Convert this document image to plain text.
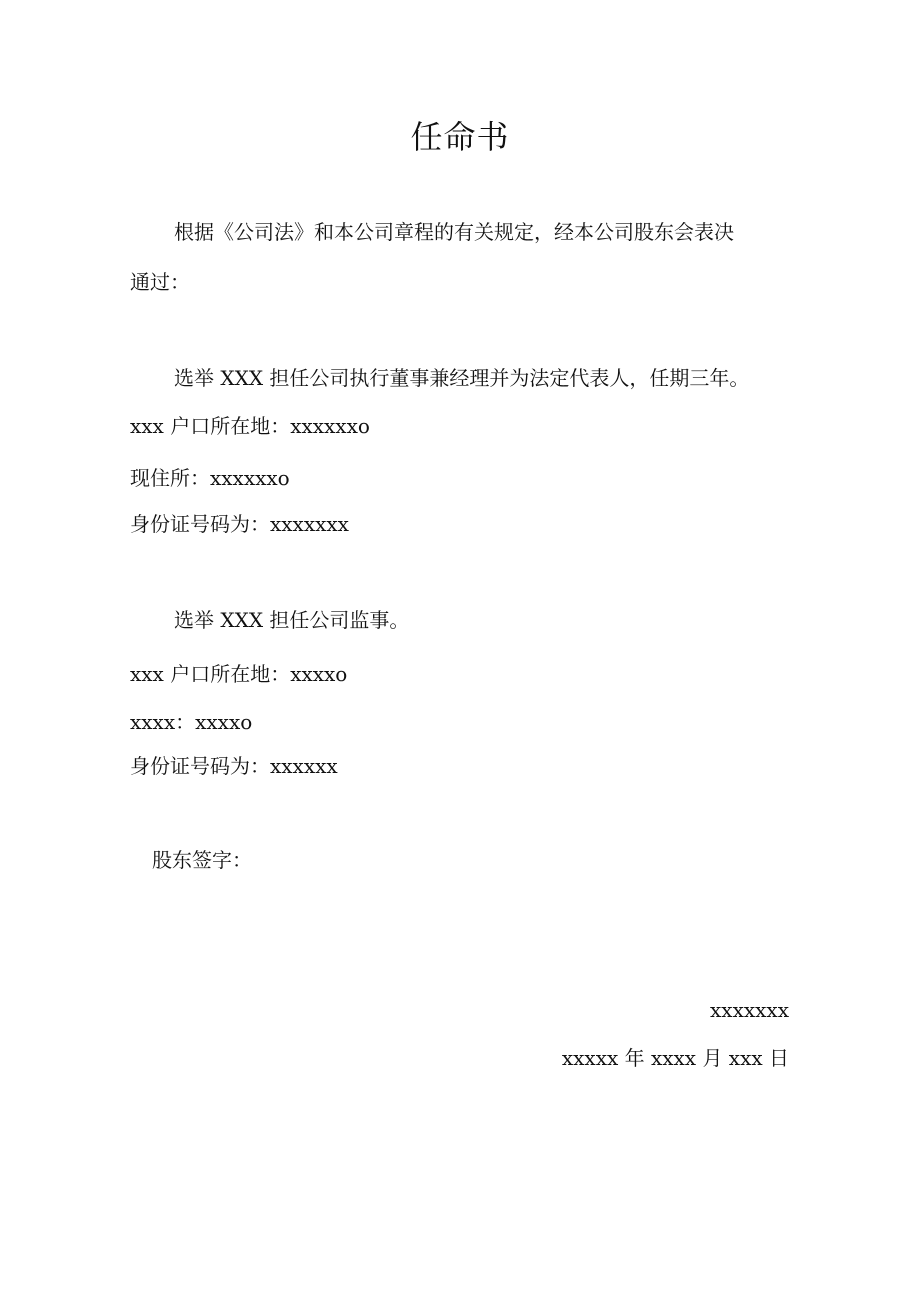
任命书
根据《公司法》和本公司章程的有关规定，经本公司股东会表决
通过：
选举 XXX 担任公司执行董事兼经理并为法定代表人，任期三年。
xxx 户口所在地：xxxxxxo
现住所：xxxxxxo
身份证号码为：xxxxxxx
选举 XXX 担任公司监事。
xxx 户口所在地：xxxxo
xxxx：xxxxo
身份证号码为：xxxxxx
股东签字：
xxxxxxx
xxxxx 年 xxxx 月 xxx 日
